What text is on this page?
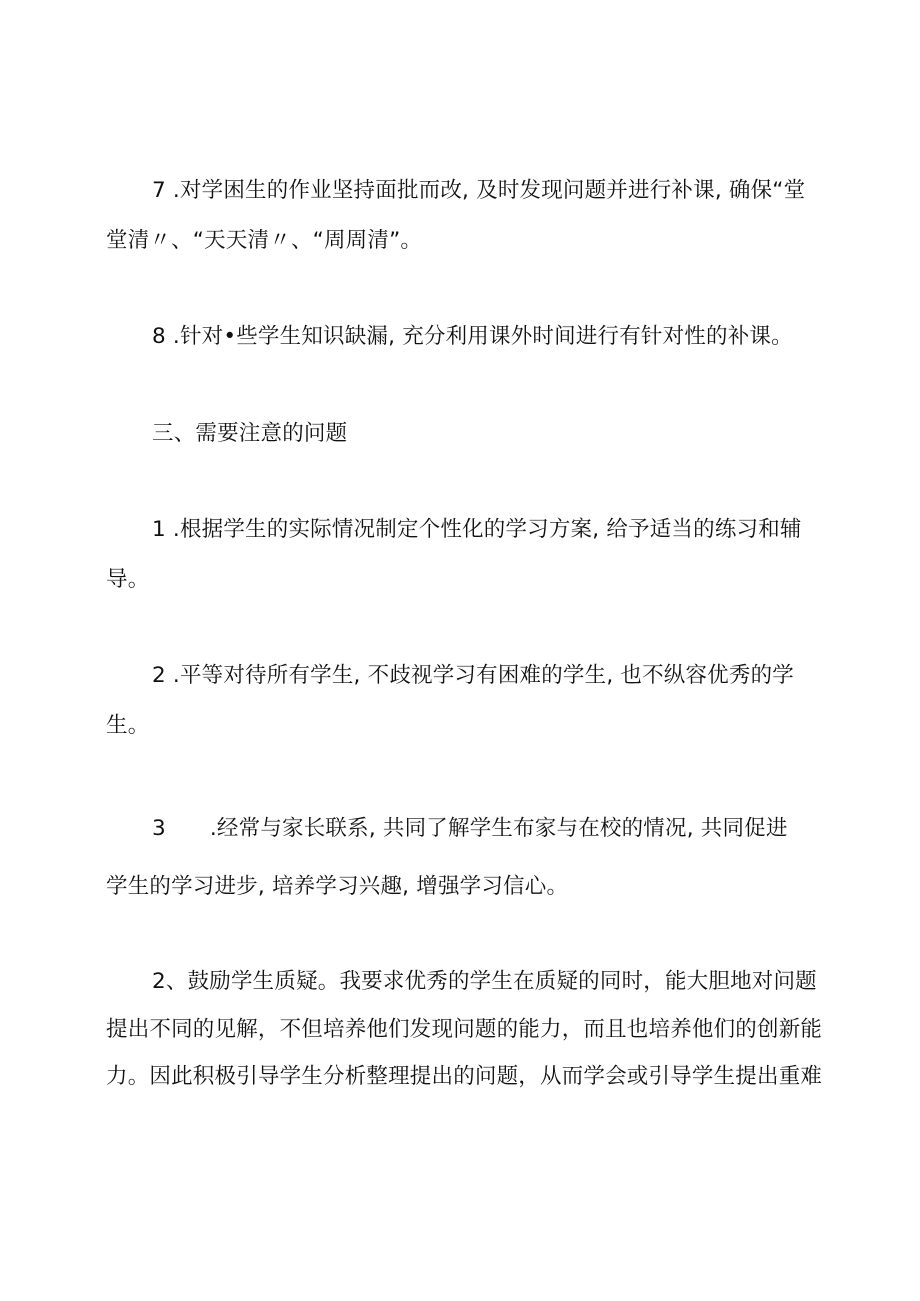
7 .对学困生的作业坚持面批而改, 及时发现问题并进行补课, 确保“堂
堂清〃、“天天清〃、“周周清”。
8 .针对•些学生知识缺漏, 充分利用课外时间进行有针对性的补课。
三、需要注意的问题
1 .根据学生的实际情况制定个性化的学习方案, 给予适当的练习和辅
导。
2 .平等对待所有学生, 不歧视学习有困难的学生, 也不纵容优秀的学
生。
3 .经常与家长联系, 共同了解学生布家与在校的情况, 共同促进
学生的学习进步, 培养学习兴趣, 增强学习信心。
2、鼓励学生质疑。我要求优秀的学生在质疑的同时，能大胆地对问题
提出不同的见解，不但培养他们发现问题的能力，而且也培养他们的创新能
力。因此积极引导学生分析整理提出的问题，从而学会或引导学生提出重难
